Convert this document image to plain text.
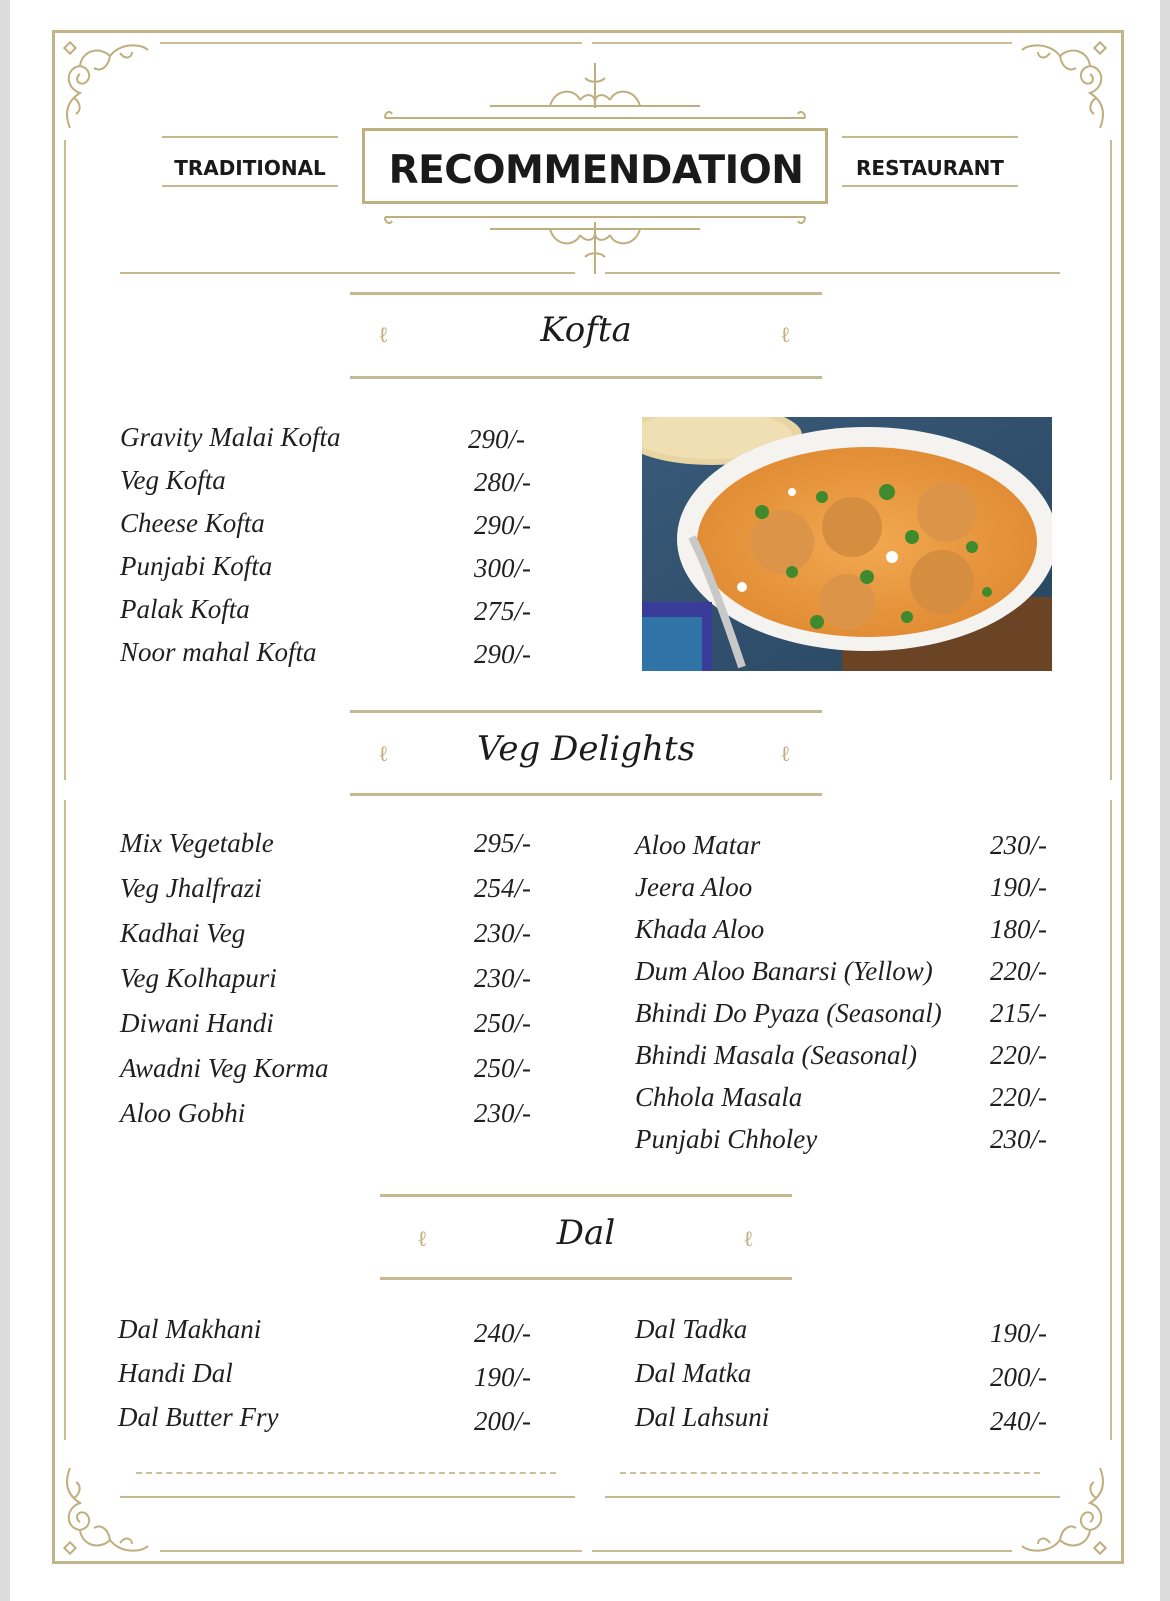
RECOMMENDATION
TRADITIONAL	RESTAURANT
ℓ	Kofta	ℓ
Gravity Malai Kofta	290/-
Veg Kofta	280/-
Cheese Kofta	290/-
Punjabi Kofta	300/-
Palak Kofta	275/-
Noor mahal Kofta	290/-
ℓ	Veg Delights	ℓ
Mix Vegetable	295/-
Veg Jhalfrazi	254/-
Kadhai Veg	230/-
Veg Kolhapuri	230/-
Diwani Handi	250/-
Awadni Veg Korma	250/-
Aloo Gobhi	230/-
Aloo Matar	230/-
Jeera Aloo	190/-
Khada Aloo	180/-
Dum Aloo Banarsi (Yellow) 220/-
Bhindi Do Pyaza (Seasonal) 215/-
Bhindi Masala (Seasonal)	220/-
Chhola Masala	220/-
Punjabi Chholey	230/-
ℓ	Dal	ℓ
Dal Makhani	240/-
Handi Dal	190/-
Dal Butter Fry	200/-
Dal Tadka	190/-
Dal Matka	200/-
Dal Lahsuni	240/-
